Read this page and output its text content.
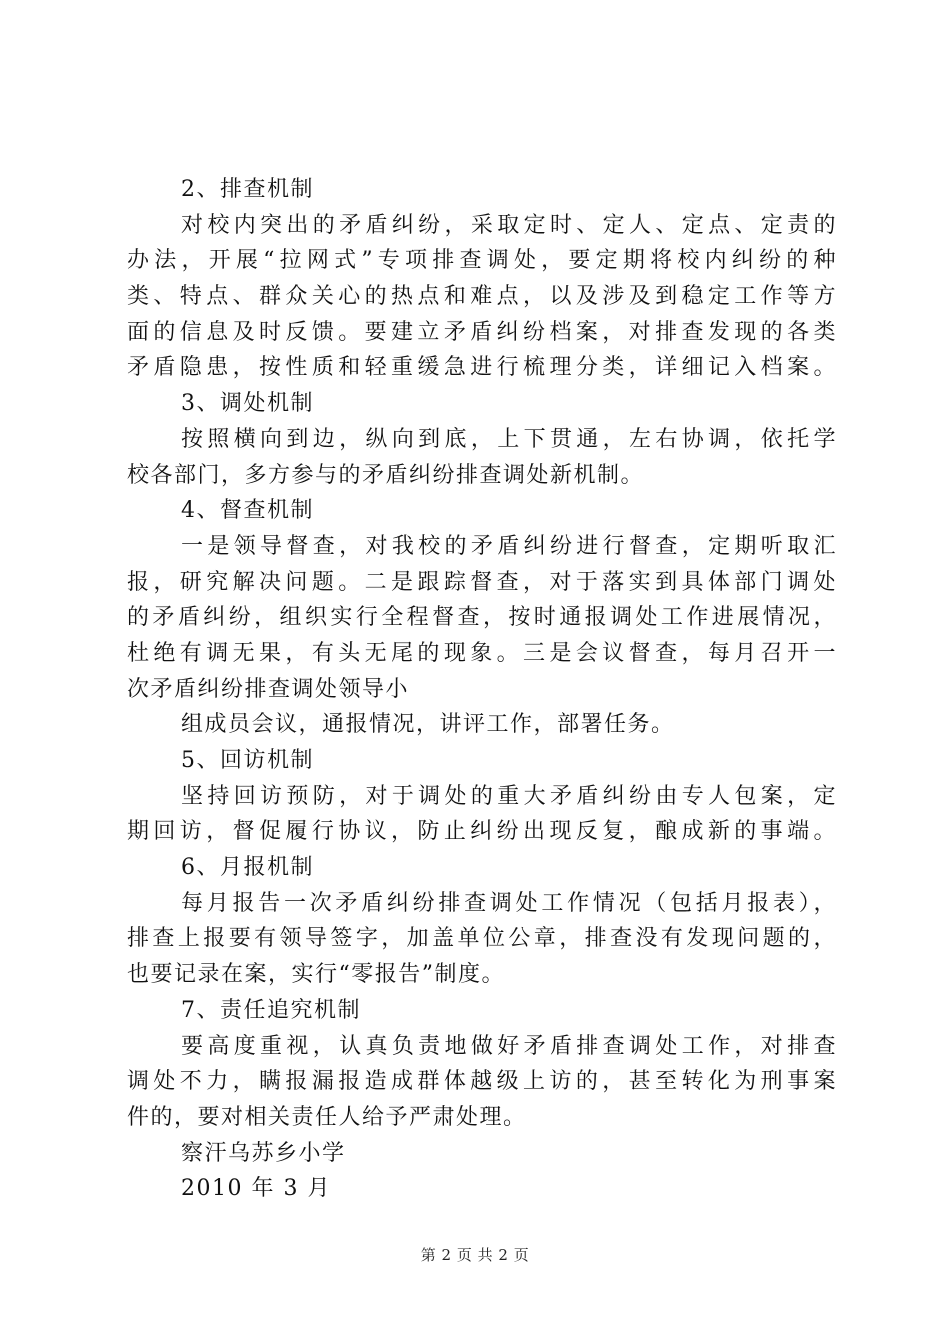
2、排查机制
对校内突出的矛盾纠纷，采取定时、定人、定点、定责的
办法，开展“拉网式”专项排查调处，要定期将校内纠纷的种
类、特点、群众关心的热点和难点，以及涉及到稳定工作等方
面的信息及时反馈。要建立矛盾纠纷档案，对排查发现的各类
矛盾隐患，按性质和轻重缓急进行梳理分类，详细记入档案。
3、调处机制
按照横向到边，纵向到底，上下贯通，左右协调，依托学
校各部门，多方参与的矛盾纠纷排查调处新机制。
4、督查机制
一是领导督查，对我校的矛盾纠纷进行督查，定期听取汇
报，研究解决问题。二是跟踪督查，对于落实到具体部门调处
的矛盾纠纷，组织实行全程督查，按时通报调处工作进展情况，
杜绝有调无果，有头无尾的现象。三是会议督查，每月召开一
次矛盾纠纷排查调处领导小
组成员会议，通报情况，讲评工作，部署任务。
5、回访机制
坚持回访预防，对于调处的重大矛盾纠纷由专人包案，定
期回访，督促履行协议，防止纠纷出现反复，酿成新的事端。
6、月报机制
每月报告一次矛盾纠纷排查调处工作情况（包括月报表），
排查上报要有领导签字，加盖单位公章，排查没有发现问题的，
也要记录在案，实行“零报告”制度。
7、责任追究机制
要高度重视，认真负责地做好矛盾排查调处工作，对排查
调处不力，瞒报漏报造成群体越级上访的，甚至转化为刑事案
件的，要对相关责任人给予严肃处理。
察汗乌苏乡小学
2010 年 3 月
第 2 页 共 2 页
